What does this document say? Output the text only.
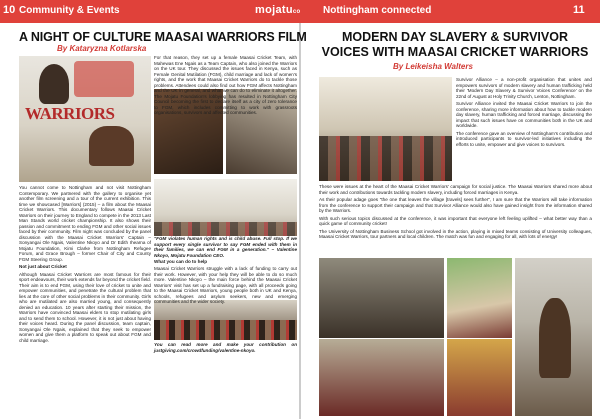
10 Community & Events	mojatuco Nottingham connected	11
A NIGHT OF CULTURE MAASAI WARRIORS FILM
By Kataryzna Kotlarska
WARRIORS

You cannot come to Nottingham and not visit Nottingham Contemporary. We partnered with the gallery to organise yet another film screening and a tour of the current exhibition. This time we showcased [Warriors] (2015) – a film about the Maasai Cricket Warriors. This documentary follows Maasai Cricket Warriors on their journey to England to compete in the 2013 Last Man Stands world cricket championship. It also shows their passion and commitment to ending FGM and other social issues faced by their community. Film night was concluded by the panel discussion with the Maasai Cricket Warriors' Captain – Sonyangai Ole Ngais, Valentine Nkoyo and Dr Edith Ihearna of Mojatu Foundation, Kimi Clarke from Nottingham Refugee Forum, and Grace Brough – former Chair of City and County FGM Steering Group.

Not just about Cricket

Although Maasai Cricket Warriors are most famous for their sport endeavours, their work extends far beyond the cricket field. Their aim is to end FGM, using their love of cricket to unite and empower communities, and penetrate the cultural problem that lies at the core of other social problems in their community. Girls who are mutilated are also married young, and consequently denied an education. 10 years after starting their mission, the Warriors have convinced Maasai elders to stop mutilating girls and to send them to school. However, it is not just about having their voices heard. During the panel discussion, team captain, Sonyangai Ole Ngais, explained that they seek to empower women and give them a platform to speak out about FGM and child marriage.

What you can do to help

Maasai Cricket Warriors struggle with a lack of funding to carry out their work. However, with your help they will be able to do so much more. Valentine Nkoyo – the main force behind the Maasai Cricket Warriors' visit has set up a fundraising page, with all proceeds going to the Maasai Cricket Warriors, young people both in UK and Kenya, schools, refugees and asylum seekers, new and emerging communities and the wider society.

You can read more and make your contribution on justgiving.com/crowdfunding/valentine-nkoyo.

MODERN DAY SLAVERY & SURVIVOR VOICES WITH MAASAI CRICKET WARRIORS
By Leikeisha Walters

Survivor Alliance – a non-profit organisation that unites and empowers survivors of modern slavery and human trafficking held their 'Modern Day Slavery & Survivor Voices Conference' on the 22nd of August at Holy Trinity Church, Lenton, Nottingham.

Survivor Alliance invited the Maasai Cricket Warriors to join the conference, sharing more information about how to tackle modern day slavery, human trafficking and forced marriage, discussing the impact that such issues have on communities both in the UK and worldwide.

The conference gave an overview of Nottingham's contribution and introduced participants to survivor-led initiatives including the efforts to unite, empower and give voices to survivors.

These were issues at the heart of the Maasai Cricket Warriors' campaign for social justice. The Maasai Warriors shared more about their work and contributions towards tackling modern slavery, including forced marriages in Kenya.

As their popular adage goes "the one that leaves the village [travels] sees further", I am sure that the Warriors will take information from the conference to support their campaign and that Survivor Alliance would also have gained insight from the information shared by the Warriors.

With such serious topics discussed at the conference, it was important that everyone left feeling uplifted – what better way than a quick game of community cricket!

The University of Nottingham Business School got involved in the action, playing in mixed teams consisting of University colleagues, Maasai Cricket Warriors, tour partners and local children. The match was fun and engaging for all, with lots of energy!

For that reason, they set up a female Maasai Cricket Team, with Mahewas Ene Ngais as a Team Captain, who also joined the Warriors on the UK tour. They discussed the issues faced in Kenya, such as Female Genital Mutilation (FGM), child marriage and lack of women's rights, and the work that Maasai Cricket Warriors do to tackle those problems. Attendees could also find out how FGM affects Nottingham and the UK in general, and what we can do to eliminate it altogether. The Mojatu Foundation's lobbying has resulted in Nottingham City Council becoming the first to declare itself as a city of zero tolerance to FGM, which includes committing to work with grassroots organisations, survivors and affected communities.

"FGM violates human rights and is child abuse. Full stop. If we support every single survivor to say FGM ended with them in their families, we can end FGM in a generation." – Valentine Nkoyo, Mojatu Foundation CEO.
